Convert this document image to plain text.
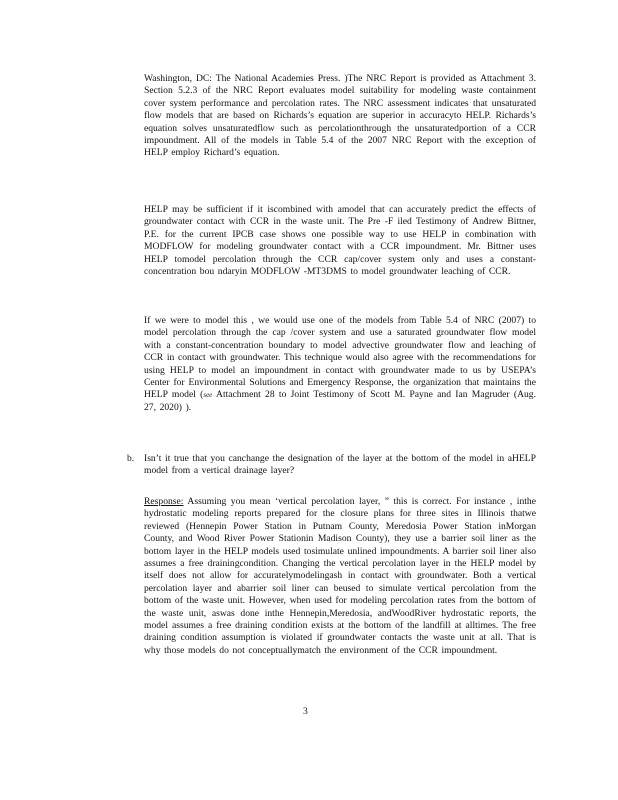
Washington, DC: The National Academies Press. )The NRC Report is provided as Attachment 3. Section 5.2.3 of the NRC Report evaluates model suitability for modeling waste containment cover system performance and percolation rates. The NRC assessment indicates that unsaturated flow models that are based on Richards’s equation are superior in accuracyto HELP. Richards’s equation solves unsaturatedflow such as percolationthrough the unsaturatedportion of a CCR impoundment. All of the models in Table 5.4 of the 2007 NRC Report with the exception of HELP employ Richard’s equation.

HELP may be sufficient if it iscombined with amodel that can accurately predict the effects of groundwater contact with CCR in the waste unit. The Pre -F iled Testimony of Andrew Bittner, P.E. for the current IPCB case shows one possible way to use HELP in combination with MODFLOW for modeling groundwater contact with a CCR impoundment. Mr. Bittner uses HELP tomodel percolation through the CCR cap/cover system only and uses a constant-concentration bou ndaryin MODFLOW -MT3DMS to model groundwater leaching of CCR.

If we were to model this , we would use one of the models from Table 5.4 of NRC (2007) to model percolation through the cap /cover system and use a saturated groundwater flow model with a constant-concentration boundary to model advective groundwater flow and leaching of CCR in contact with groundwater. This technique would also agree with the recommendations for using HELP to model an impoundment in contact with groundwater made to us by USEPA’s Center for Environmental Solutions and Emergency Response, the organization that maintains the HELP model (see Attachment 28 to Joint Testimony of Scott M. Payne and Ian Magruder (Aug. 27, 2020) ).

b. Isn’t it true that you canchange the designation of the layer at the bottom of the model in aHELP model from a vertical drainage layer?

Response: Assuming you mean ‘vertical percolation layer, ” this is correct. For instance , inthe hydrostatic modeling reports prepared for the closure plans for three sites in Illinois thatwe reviewed (Hennepin Power Station in Putnam County, Meredosia Power Station inMorgan County, and Wood River Power Stationin Madison County), they use a barrier soil liner as the bottom layer in the HELP models used tosimulate unlined impoundments. A barrier soil liner also assumes a free drainingcondition. Changing the vertical percolation layer in the HELP model by itself does not allow for accuratelymodelingash in contact with groundwater. Both a vertical percolation layer and abarrier soil liner can beused to simulate vertical percolation from the bottom of the waste unit. However, when used for modeling percolation rates from the bottom of the waste unit, aswas done inthe Hennepin,Meredosia, andWoodRiver hydrostatic reports, the model assumes a free draining condition exists at the bottom of the landfill at alltimes. The free draining condition assumption is violated if groundwater contacts the waste unit at all. That is why those models do not conceptuallymatch the environment of the CCR impoundment.

3
